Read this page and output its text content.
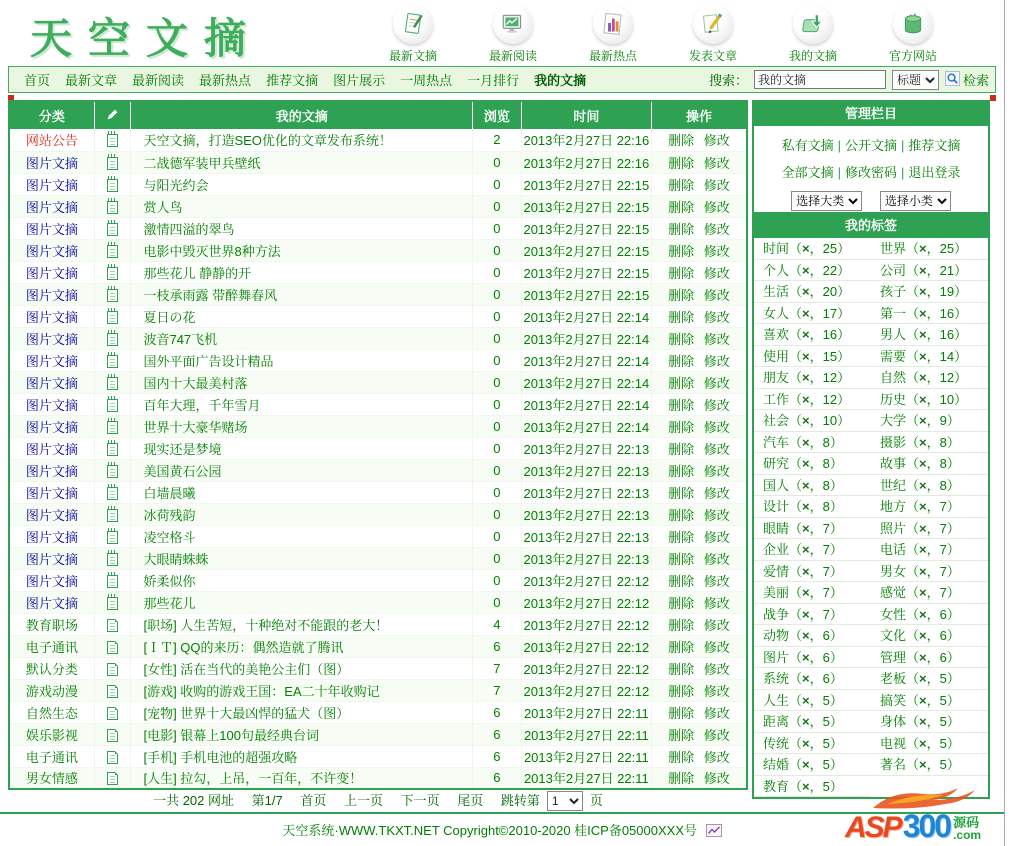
天空文摘	最新文摘	最新阅读	最新热点	发表文章	我的文摘	官方网站
首页 最新文章 最新阅读 最新热点 推荐文摘 图片展示 一周热点 一月排行 我的文摘	搜索：
我的文摘
标题	检索
分类		我的文摘	浏览	时间	操作
网站公告		天空文摘，打造SEO优化的文章发布系统！	2	2013年2月27日 22:16	删除 修改
图片文摘		二战德军装甲兵壁纸	0	2013年2月27日 22:16	删除 修改
图片文摘		与阳光约会	0	2013年2月27日 22:15	删除 修改
图片文摘		赏人鸟	0	2013年2月27日 22:15	删除 修改
图片文摘		激情四溢的翠鸟	0	2013年2月27日 22:15	删除 修改
图片文摘		电影中毁灭世界8种方法	0	2013年2月27日 22:15	删除 修改
图片文摘		那些花儿 静静的开	0	2013年2月27日 22:15	删除 修改
图片文摘		一枝承雨露 带醉舞春风	0	2013年2月27日 22:15	删除 修改
图片文摘		夏日の花	0	2013年2月27日 22:14	删除 修改
图片文摘		波音747飞机	0	2013年2月27日 22:14	删除 修改
图片文摘		国外平面广告设计精品	0	2013年2月27日 22:14	删除 修改
图片文摘		国内十大最美村落	0	2013年2月27日 22:14	删除 修改
图片文摘		百年大理，千年雪月	0	2013年2月27日 22:14	删除 修改
图片文摘		世界十大豪华赌场	0	2013年2月27日 22:14	删除 修改
图片文摘		现实还是梦境	0	2013年2月27日 22:13	删除 修改
图片文摘		美国黄石公园	0	2013年2月27日 22:13	删除 修改
图片文摘		白墙晨曦	0	2013年2月27日 22:13	删除 修改
图片文摘		冰荷残韵	0	2013年2月27日 22:13	删除 修改
图片文摘		凌空格斗	0	2013年2月27日 22:13	删除 修改
图片文摘		大眼睛蛛蛛	0	2013年2月27日 22:13	删除 修改
图片文摘		娇柔似你	0	2013年2月27日 22:12	删除 修改
图片文摘		那些花儿	0	2013年2月27日 22:12	删除 修改
教育职场		[职场] 人生苦短，十种绝对不能跟的老大！	4	2013年2月27日 22:12	删除 修改
电子通讯		[ＩＴ] QQ的来历：偶然造就了腾讯	6	2013年2月27日 22:12	删除 修改
默认分类		[女性] 活在当代的美艳公主们（图）	7	2013年2月27日 22:12	删除 修改
游戏动漫		[游戏] 收购的游戏王国：EA二十年收购记	7	2013年2月27日 22:12	删除 修改
自然生态		[宠物] 世界十大最凶悍的猛犬（图）	6	2013年2月27日 22:11	删除 修改
娱乐影视		[电影] 银幕上100句最经典台词	6	2013年2月27日 22:11	删除 修改
电子通讯		[手机] 手机电池的超强攻略	6	2013年2月27日 22:11	删除 修改
男女情感		[人生] 拉勾，上吊，一百年，不许变！	6	2013年2月27日 22:11	删除 修改
一共 202 网址 第1/7 首页 上一页 下一页 尾页 跳转第
1	页
管理栏目
私有文摘 | 公开文摘 | 推荐文摘
全部文摘 | 修改密码 | 退出登录
选择大类
选择小类
我的标签
时间（×，25）	世界（×，25）
个人（×，22）	公司（×，21）
生活（×，20）	孩子（×，19）
女人（×，17）	第一（×，16）
喜欢（×，16）	男人（×，16）
使用（×，15）	需要（×，14）
朋友（×，12）	自然（×，12）
工作（×，12）	历史（×，10）
社会（×，10）	大学（×，9）
汽车（×，8）	摄影（×，8）
研究（×，8）	故事（×，8）
国人（×，8）	世纪（×，8）
设计（×，8）	地方（×，7）
眼睛（×，7）	照片（×，7）
企业（×，7）	电话（×，7）
爱情（×，7）	男女（×，7）
美丽（×，7）	感觉（×，7）
战争（×，7）	女性（×，6）
动物（×，6）	文化（×，6）
图片（×，6）	管理（×，6）
系统（×，6）	老板（×，5）
人生（×，5）	搞笑（×，5）
距离（×，5）	身体（×，5）
传统（×，5）	电视（×，5）
结婚（×，5）	著名（×，5）
教育（×，5）
天空系统·WWW.TKXT.NET Copyright©2010-2020 桂ICP备05000XXX号	ASP 300 源码
.com
